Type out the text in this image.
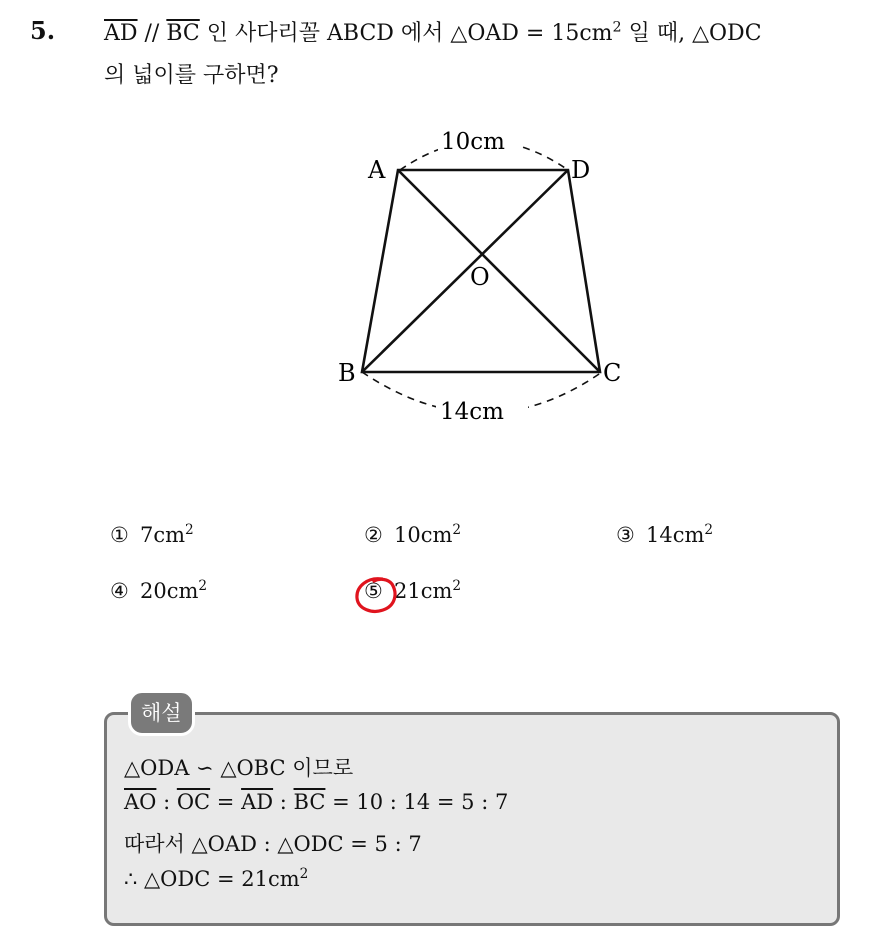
5. $\overline{AD} // \overline{BC}$ 인 사다리꼴 ABCD 에서 △OAD = $15cm^2$ 일 때, △ODC
의 넓이를 구하면?
A	D
O
B	C
10cm
14cm
① $7cm^2$	② $10cm^2$	③ $14cm^2$
④ $20cm^2$	⑤ $21cm^2$
해설
△ODA ∽ △OBC 이므로
$\overline{AO}$ : $\overline{OC} = \overline{AD}$ : $\overline{BC} = 10$ : 14 = 5 : 7
따라서 △OAD : △ODC = 5 : 7
∴ △ODC = $21cm^2$
